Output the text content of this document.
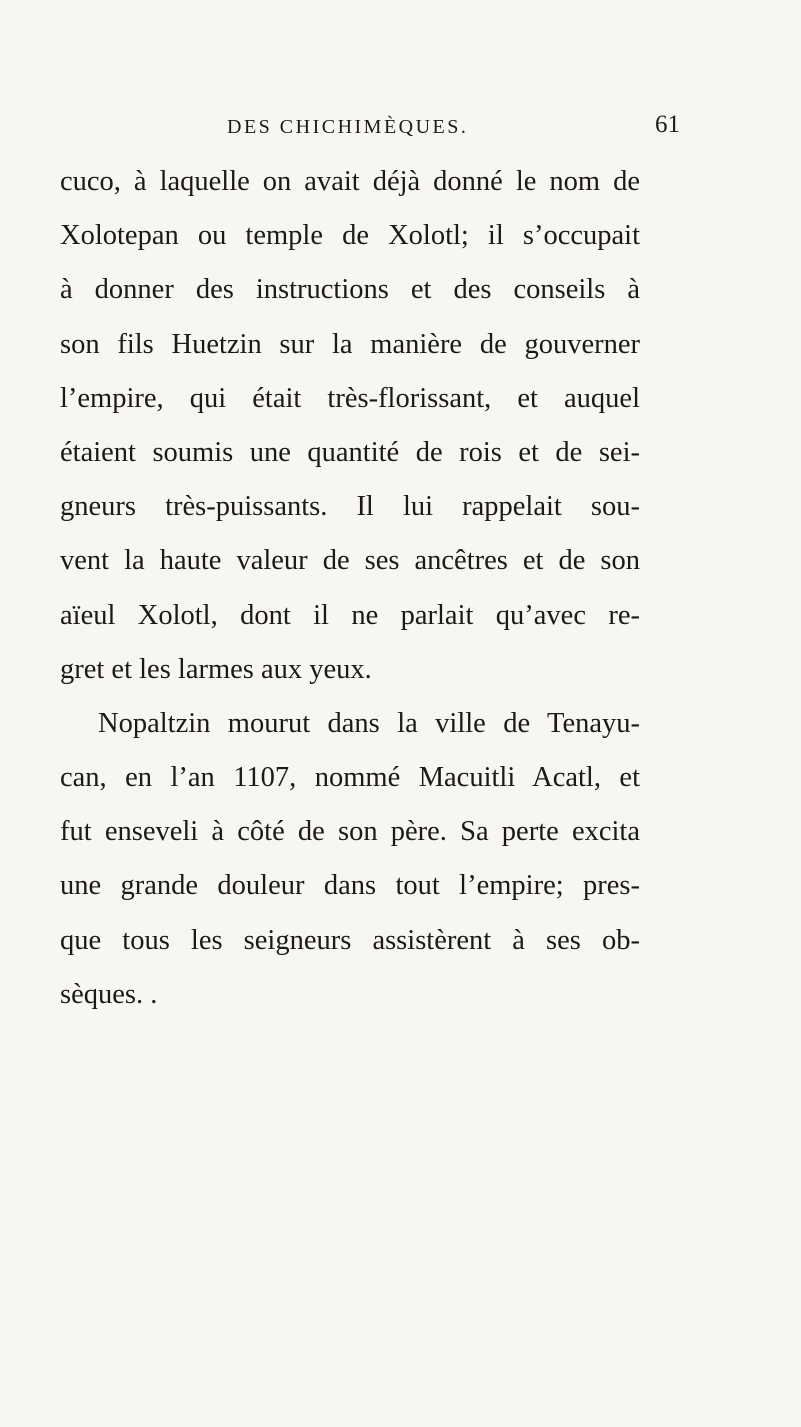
DES CHICHIMÈQUES.	61
cuco, à laquelle on avait déjà donné le nom de
Xolotepan ou temple de Xolotl; il s’occupait
à donner des instructions et des conseils à
son fils Huetzin sur la manière de gouverner
l’empire, qui était très-florissant, et auquel
étaient soumis une quantité de rois et de sei-
gneurs très-puissants. Il lui rappelait sou-
vent la haute valeur de ses ancêtres et de son
aïeul Xolotl, dont il ne parlait qu’avec re-
gret et les larmes aux yeux.
Nopaltzin mourut dans la ville de Tenayu-
can, en l’an 1107, nommé Macuitli Acatl, et
fut enseveli à côté de son père. Sa perte excita
une grande douleur dans tout l’empire; pres-
que tous les seigneurs assistèrent à ses ob-
sèques. .
